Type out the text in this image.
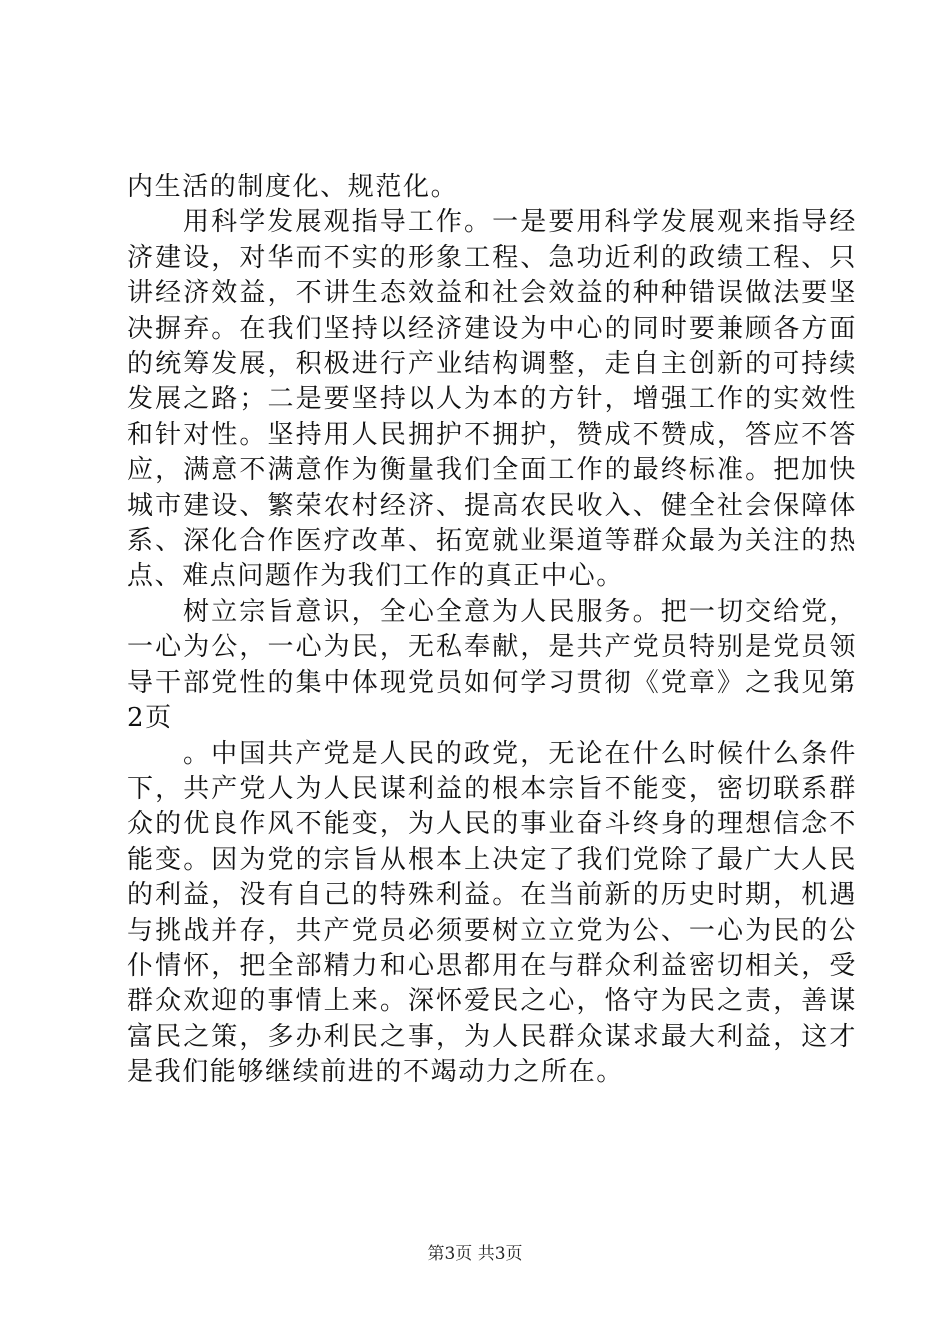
内生活的制度化、规范化。

用科学发展观指导工作。一是要用科学发展观来指导经济建设，对华而不实的形象工程、急功近利的政绩工程、只讲经济效益，不讲生态效益和社会效益的种种错误做法要坚决摒弃。在我们坚持以经济建设为中心的同时要兼顾各方面的统筹发展，积极进行产业结构调整，走自主创新的可持续发展之路；二是要坚持以人为本的方针，增强工作的实效性和针对性。坚持用人民拥护不拥护，赞成不赞成，答应不答应，满意不满意作为衡量我们全面工作的最终标准。把加快城市建设、繁荣农村经济、提高农民收入、健全社会保障体系、深化合作医疗改革、拓宽就业渠道等群众最为关注的热点、难点问题作为我们工作的真正中心。

树立宗旨意识，全心全意为人民服务。把一切交给党，一心为公，一心为民，无私奉献，是共产党员特别是党员领导干部党性的集中体现党员如何学习贯彻《党章》之我见第2页

。中国共产党是人民的政党，无论在什么时候什么条件下，共产党人为人民谋利益的根本宗旨不能变，密切联系群众的优良作风不能变，为人民的事业奋斗终身的理想信念不能变。因为党的宗旨从根本上决定了我们党除了最广大人民的利益，没有自己的特殊利益。在当前新的历史时期，机遇与挑战并存，共产党员必须要树立立党为公、一心为民的公仆情怀，把全部精力和心思都用在与群众利益密切相关，受群众欢迎的事情上来。深怀爱民之心，恪守为民之责，善谋富民之策，多办利民之事，为人民群众谋求最大利益，这才是我们能够继续前进的不竭动力之所在。

第3页 共3页
